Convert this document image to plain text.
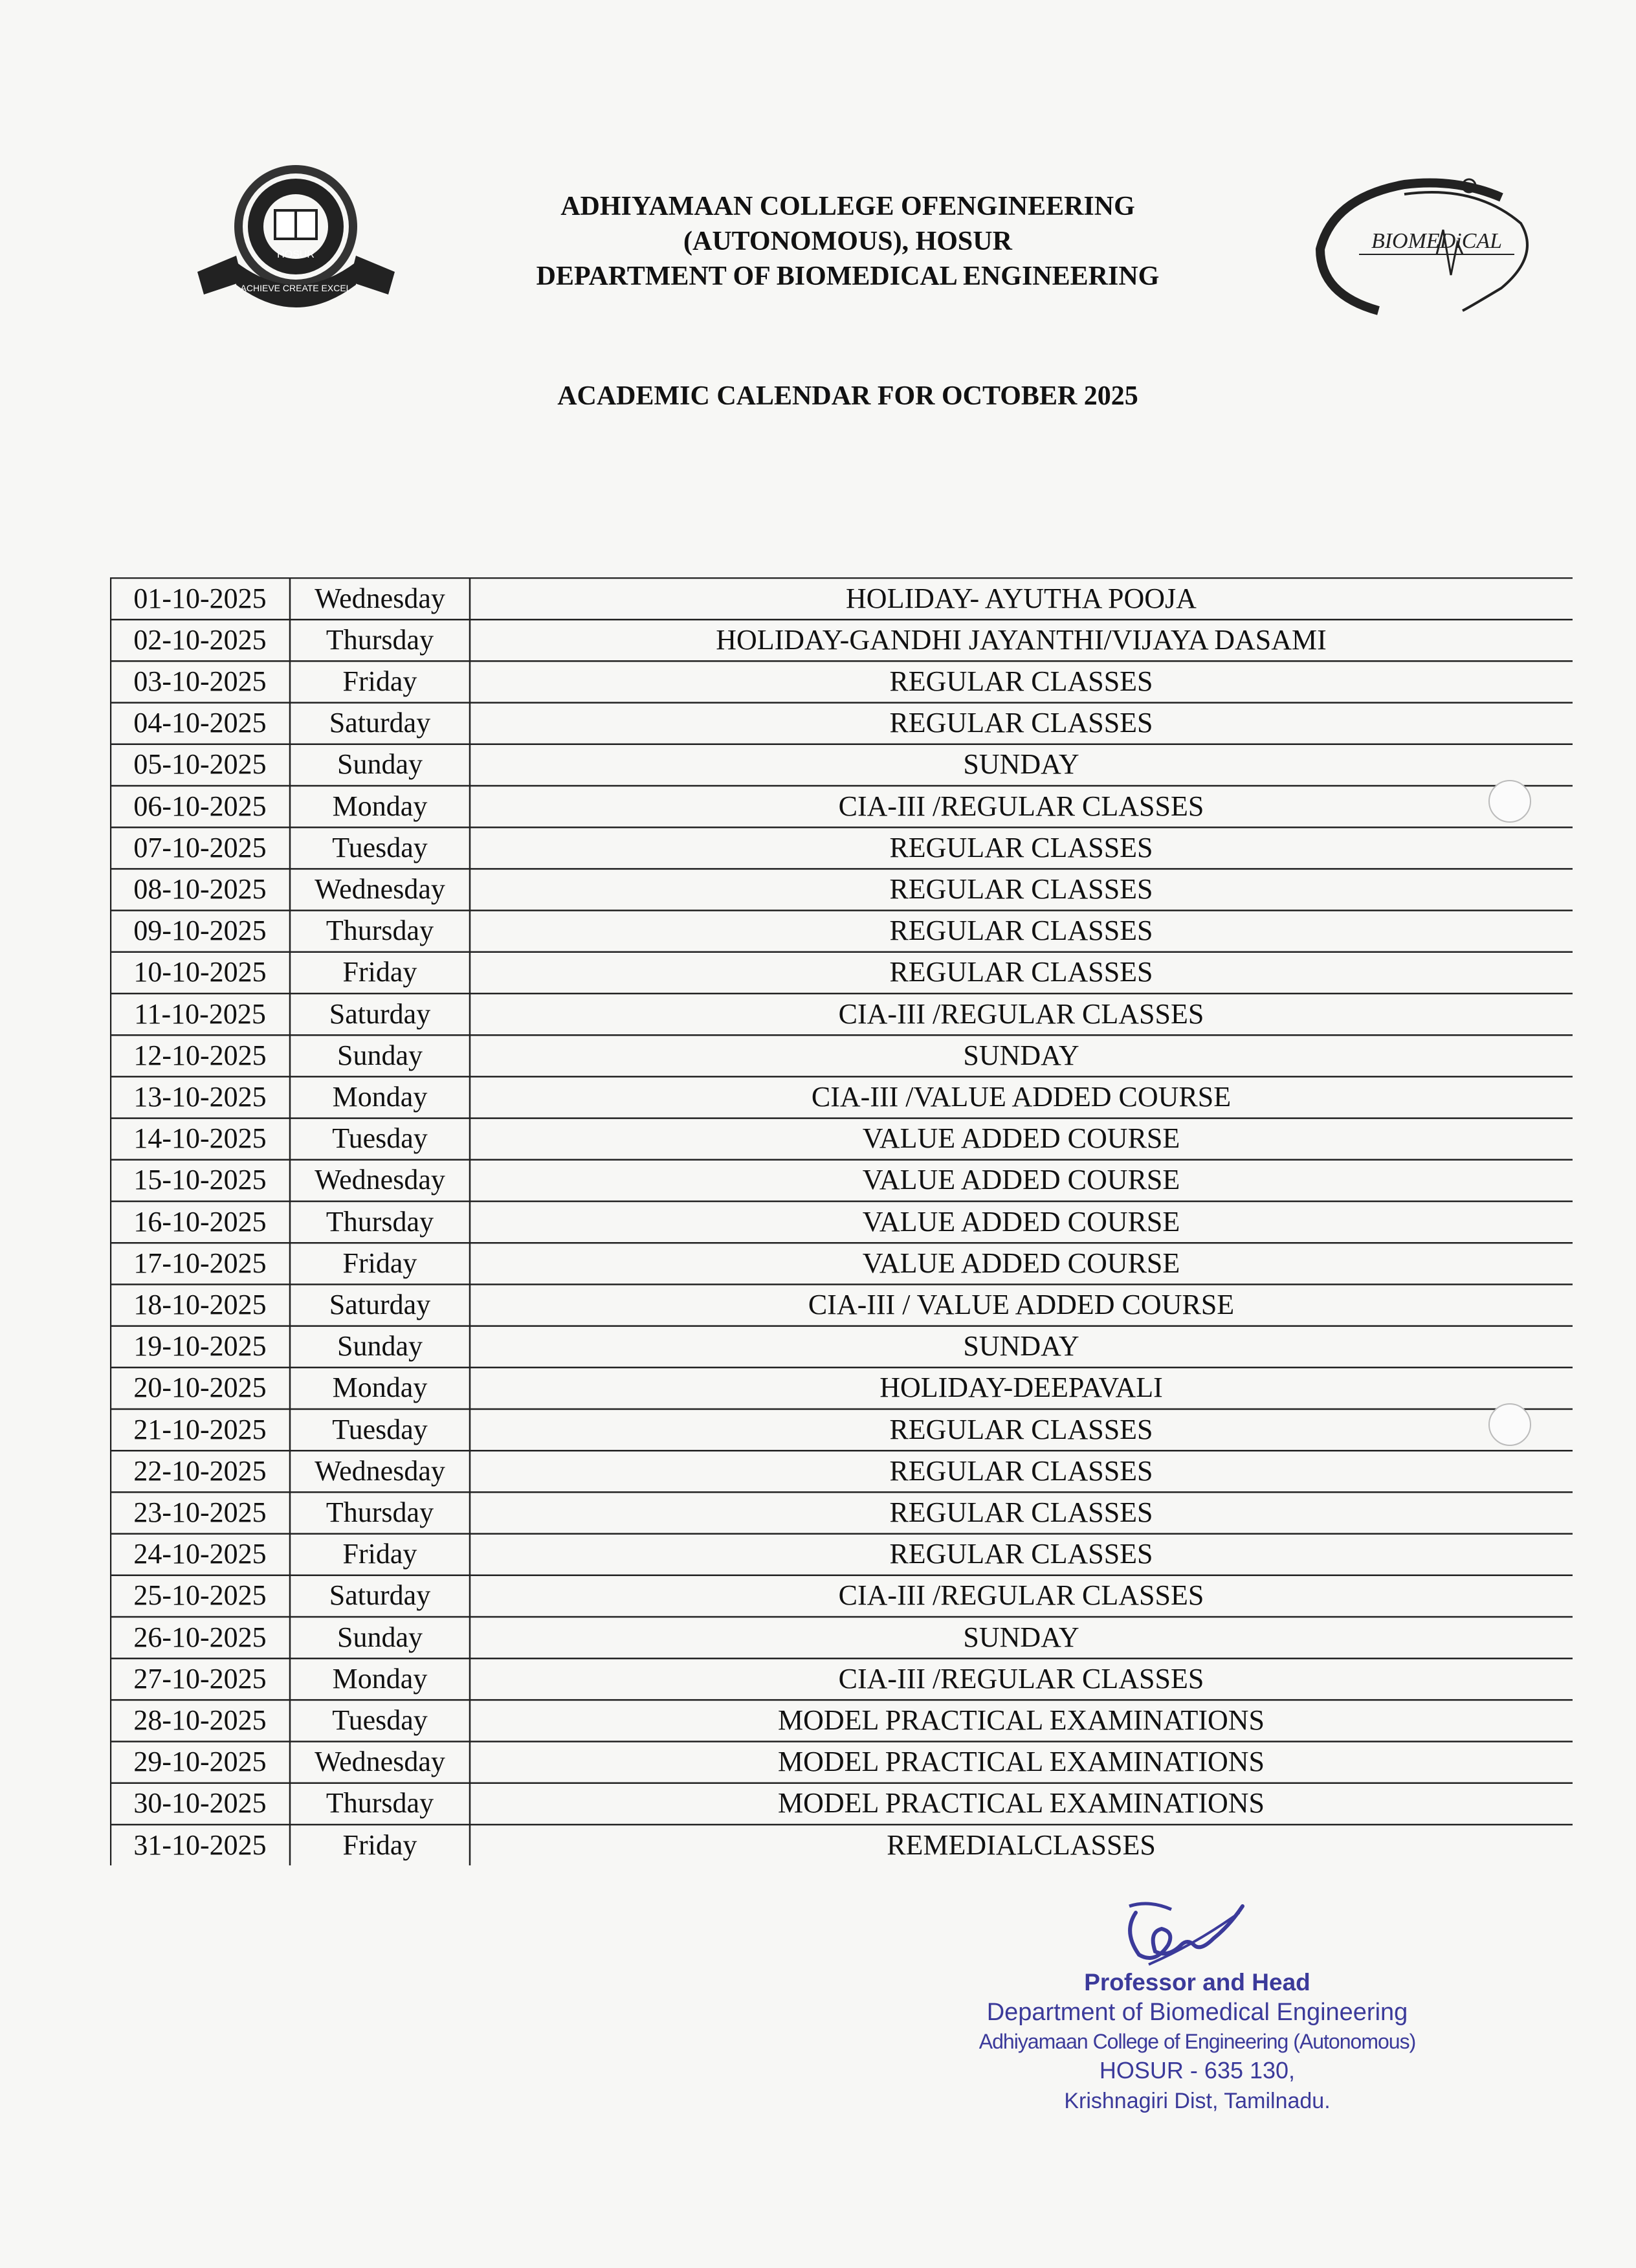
HOSUR
ACHIEVE CREATE EXCEL
ADHIYAMAAN COLLEGE OFENGINEERING
(AUTONOMOUS), HOSUR
DEPARTMENT OF BIOMEDICAL ENGINEERING
BIOMEDiCAL
ACADEMIC CALENDAR FOR OCTOBER 2025
01-10-2025	Wednesday	HOLIDAY- AYUTHA POOJA
02-10-2025	Thursday	HOLIDAY-GANDHI JAYANTHI/VIJAYA DASAMI
03-10-2025	Friday	REGULAR CLASSES
04-10-2025	Saturday	REGULAR CLASSES
05-10-2025	Sunday	SUNDAY
06-10-2025	Monday	CIA-III /REGULAR CLASSES
07-10-2025	Tuesday	REGULAR CLASSES
08-10-2025	Wednesday	REGULAR CLASSES
09-10-2025	Thursday	REGULAR CLASSES
10-10-2025	Friday	REGULAR CLASSES
11-10-2025	Saturday	CIA-III /REGULAR CLASSES
12-10-2025	Sunday	SUNDAY
13-10-2025	Monday	CIA-III /VALUE ADDED COURSE
14-10-2025	Tuesday	VALUE ADDED COURSE
15-10-2025	Wednesday	VALUE ADDED COURSE
16-10-2025	Thursday	VALUE ADDED COURSE
17-10-2025	Friday	VALUE ADDED COURSE
18-10-2025	Saturday	CIA-III / VALUE ADDED COURSE
19-10-2025	Sunday	SUNDAY
20-10-2025	Monday	HOLIDAY-DEEPAVALI
21-10-2025	Tuesday	REGULAR CLASSES
22-10-2025	Wednesday	REGULAR CLASSES
23-10-2025	Thursday	REGULAR CLASSES
24-10-2025	Friday	REGULAR CLASSES
25-10-2025	Saturday	CIA-III /REGULAR CLASSES
26-10-2025	Sunday	SUNDAY
27-10-2025	Monday	CIA-III /REGULAR CLASSES
28-10-2025	Tuesday	MODEL PRACTICAL EXAMINATIONS
29-10-2025	Wednesday	MODEL PRACTICAL EXAMINATIONS
30-10-2025	Thursday	MODEL PRACTICAL EXAMINATIONS
31-10-2025	Friday	REMEDIALCLASSES
Professor and Head
Department of Biomedical Engineering
Adhiyamaan College of Engineering (Autonomous)
HOSUR - 635 130,
Krishnagiri Dist, Tamilnadu.
